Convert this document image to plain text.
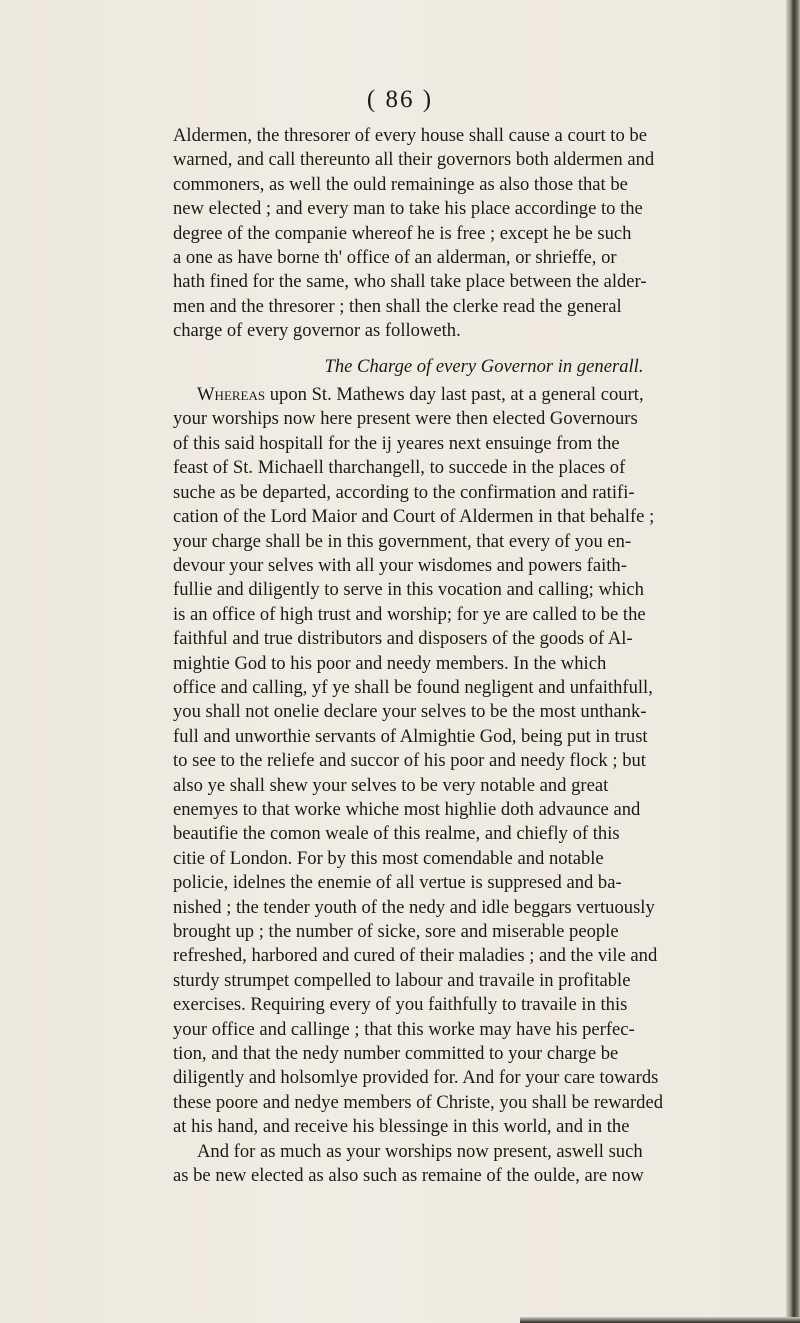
( 86 )
Aldermen, the thresorer of every house shall cause a court to be
warned, and call thereunto all their governors both aldermen and
commoners, as well the ould remaininge as also those that be
new elected ; and every man to take his place accordinge to the
degree of the companie whereof he is free ; except he be such
a one as have borne th' office of an alderman, or shrieffe, or
hath fined for the same, who shall take place between the alder-
men and the thresorer ; then shall the clerke read the general
charge of every governor as followeth.
The Charge of every Governor in generall.
Whereas upon St. Mathews day last past, at a general court,
your worships now here present were then elected Governours
of this said hospitall for the ij yeares next ensuinge from the
feast of St. Michaell tharchangell, to succede in the places of
suche as be departed, according to the confirmation and ratifi-
cation of the Lord Maior and Court of Aldermen in that behalfe ;
your charge shall be in this government, that every of you en-
devour your selves with all your wisdomes and powers faith-
fullie and diligently to serve in this vocation and calling; which
is an office of high trust and worship; for ye are called to be the
faithful and true distributors and disposers of the goods of Al-
mightie God to his poor and needy members. In the which
office and calling, yf ye shall be found negligent and unfaithfull,
you shall not onelie declare your selves to be the most unthank-
full and unworthie servants of Almightie God, being put in trust
to see to the reliefe and succor of his poor and needy flock ; but
also ye shall shew your selves to be very notable and great
enemyes to that worke whiche most highlie doth advaunce and
beautifie the comon weale of this realme, and chiefly of this
citie of London. For by this most comendable and notable
policie, idelnes the enemie of all vertue is suppresed and ba-
nished ; the tender youth of the nedy and idle beggars vertuously
brought up ; the number of sicke, sore and miserable people
refreshed, harbored and cured of their maladies ; and the vile and
sturdy strumpet compelled to labour and travaile in profitable
exercises. Requiring every of you faithfully to travaile in this
your office and callinge ; that this worke may have his perfec-
tion, and that the nedy number committed to your charge be
diligently and holsomlye provided for. And for your care towards
these poore and nedye members of Christe, you shall be rewarded
at his hand, and receive his blessinge in this world, and in the
And for as much as your worships now present, aswell such
as be new elected as also such as remaine of the oulde, are now
